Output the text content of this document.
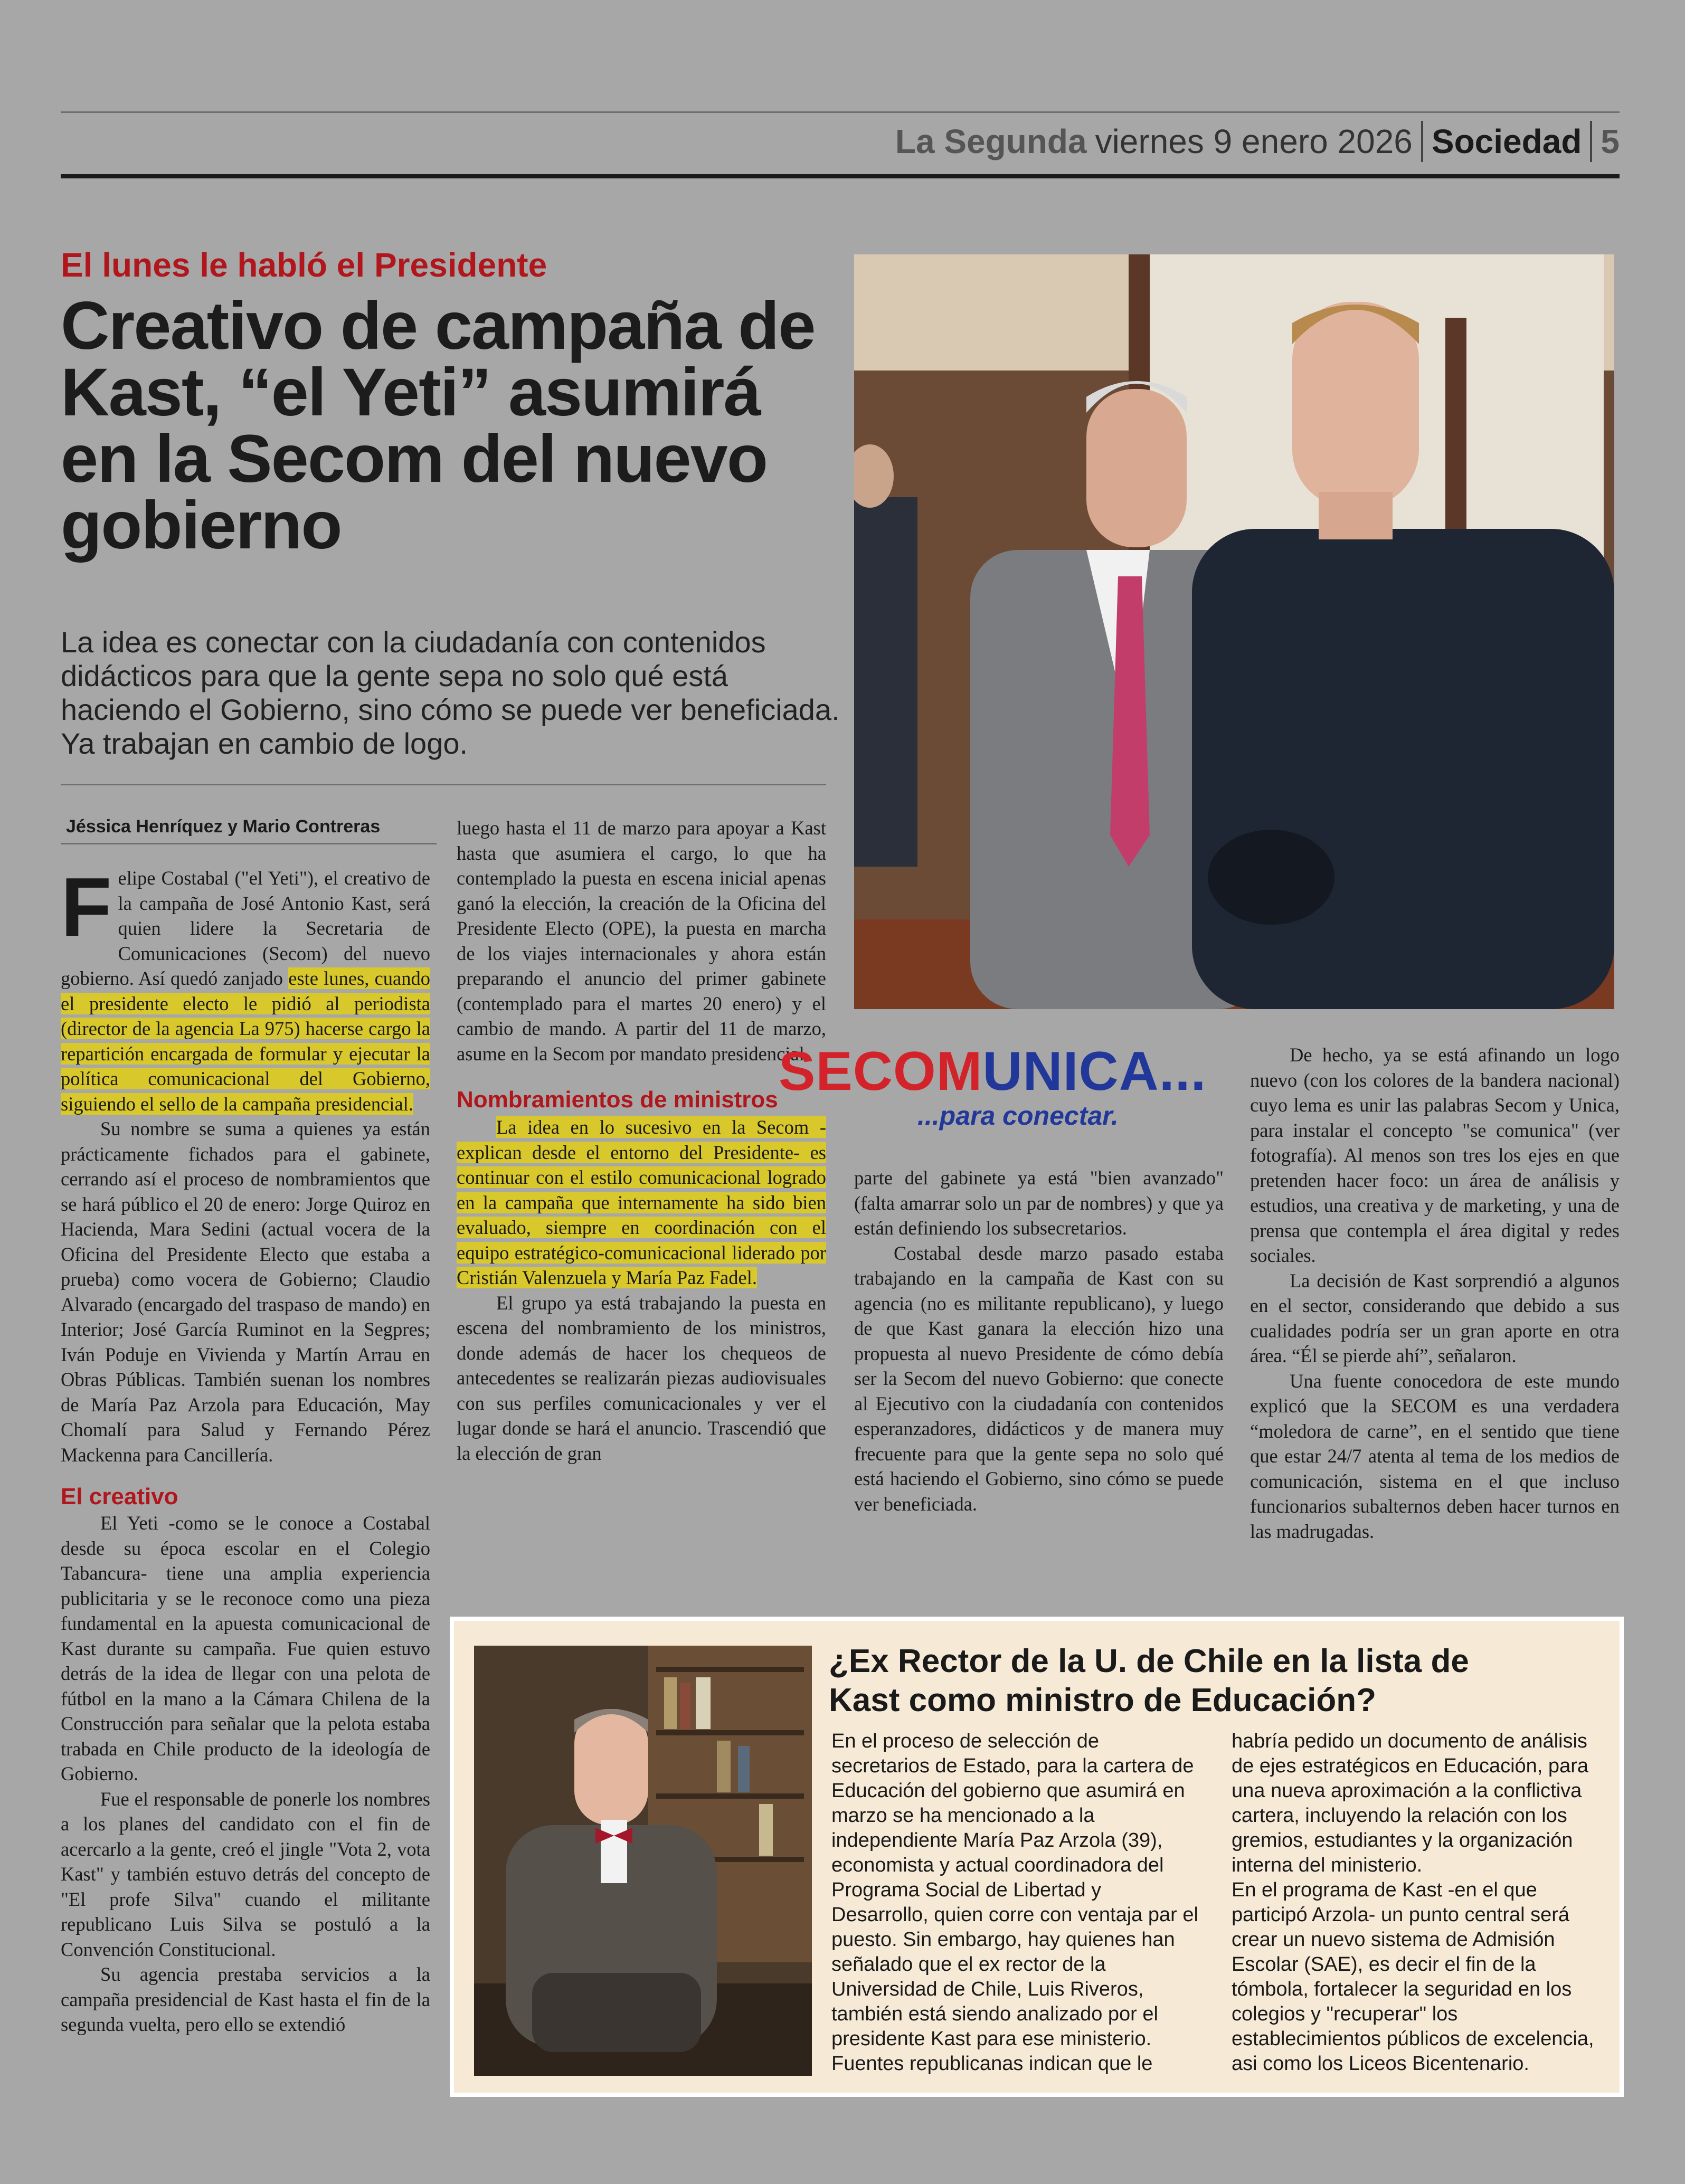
La Segunda viernes 9 enero 2026 Sociedad 5
El lunes le habló el Presidente
Creativo de campaña de Kast, “el Yeti” asumirá en la Secom del nuevo gobierno

La idea es conectar con la ciudadanía con contenidos didácticos para que la gente sepa no solo qué está haciendo el Gobierno, sino cómo se puede ver beneficiada. Ya trabajan en cambio de logo.

Jéssica Henríquez y Mario Contreras

Felipe Costabal ("el Yeti"), el creativo de la campaña de José Antonio Kast, será quien lidere la Secretaria de Comunicaciones (Secom) del nuevo gobierno. Así quedó zanjado este lunes, cuando el presidente electo le pidió al periodista (director de la agencia La 975) hacerse cargo la repartición encargada de formular y ejecutar la política comunicacional del Gobierno, siguiendo el sello de la campaña presidencial.

Su nombre se suma a quienes ya están prácticamente fichados para el gabinete, cerrando así el proceso de nombramientos que se hará público el 20 de enero: Jorge Quiroz en Hacienda, Mara Sedini (actual vocera de la Oficina del Presidente Electo que estaba a prueba) como vocera de Gobierno; Claudio Alvarado (encargado del traspaso de mando) en Interior; José García Ruminot en la Segpres; Iván Poduje en Vivienda y Martín Arrau en Obras Públicas. También suenan los nombres de María Paz Arzola para Educación, May Chomalí para Salud y Fernando Pérez Mackenna para Cancillería.

El creativo

El Yeti -como se le conoce a Costabal desde su época escolar en el Colegio Tabancura- tiene una amplia experiencia publicitaria y se le reconoce como una pieza fundamental en la apuesta comunicacional de Kast durante su campaña. Fue quien estuvo detrás de la idea de llegar con una pelota de fútbol en la mano a la Cámara Chilena de la Construcción para señalar que la pelota estaba trabada en Chile producto de la ideología de Gobierno.

Fue el responsable de ponerle los nombres a los planes del candidato con el fin de acercarlo a la gente, creó el jingle "Vota 2, vota Kast" y también estuvo detrás del concepto de "El profe Silva" cuando el militante republicano Luis Silva se postuló a la Convención Constitucional.

Su agencia prestaba servicios a la campaña presidencial de Kast hasta el fin de la segunda vuelta, pero ello se extendió

luego hasta el 11 de marzo para apoyar a Kast hasta que asumiera el cargo, lo que ha contemplado la puesta en escena inicial apenas ganó la elección, la creación de la Oficina del Presidente Electo (OPE), la puesta en marcha de los viajes internacionales y ahora están preparando el anuncio del primer gabinete (contemplado para el martes 20 enero) y el cambio de mando. A partir del 11 de marzo, asume en la Secom por mandato presidencial.

Nombramientos de ministros

La idea en lo sucesivo en la Secom -explican desde el entorno del Presidente- es continuar con el estilo comunicacional logrado en la campaña que internamente ha sido bien evaluado, siempre en coordinación con el equipo estratégico-comunicacional liderado por Cristián Valenzuela y María Paz Fadel.

El grupo ya está trabajando la puesta en escena del nombramiento de los ministros, donde además de hacer los chequeos de antecedentes se realizarán piezas audiovisuales con sus perfiles comunicacionales y ver el lugar donde se hará el anuncio. Trascendió que la elección de gran

SECOMUNICA...
...para conectar.

parte del gabinete ya está "bien avanzado" (falta amarrar solo un par de nombres) y que ya están definiendo los subsecretarios.

Costabal desde marzo pasado estaba trabajando en la campaña de Kast con su agencia (no es militante republicano), y luego de que Kast ganara la elección hizo una propuesta al nuevo Presidente de cómo debía ser la Secom del nuevo Gobierno: que conecte al Ejecutivo con la ciudadanía con contenidos esperanzadores, didácticos y de manera muy frecuente para que la gente sepa no solo qué está haciendo el Gobierno, sino cómo se puede ver beneficiada.

De hecho, ya se está afinando un logo nuevo (con los colores de la bandera nacional) cuyo lema es unir las palabras Secom y Unica, para instalar el concepto "se comunica" (ver fotografía). Al menos son tres los ejes en que pretenden hacer foco: un área de análisis y estudios, una creativa y de marketing, y una de prensa que contempla el área digital y redes sociales.

La decisión de Kast sorprendió a algunos en el sector, considerando que debido a sus cualidades podría ser un gran aporte en otra área. “Él se pierde ahí”, señalaron.

Una fuente conocedora de este mundo explicó que la SECOM es una verdadera “moledora de carne”, en el sentido que tiene que estar 24/7 atenta al tema de los medios de comunicación, sistema en el que incluso funcionarios subalternos deben hacer turnos en las madrugadas.

¿Ex Rector de la U. de Chile en la lista de Kast como ministro de Educación?
En el proceso de selección de secretarios de Estado, para la cartera de Educación del gobierno que asumirá en marzo se ha mencionado a la independiente María Paz Arzola (39), economista y actual coordinadora del Programa Social de Libertad y Desarrollo, quien corre con ventaja par el puesto. Sin embargo, hay quienes han señalado que el ex rector de la Universidad de Chile, Luis Riveros, también está siendo analizado por el presidente Kast para ese ministerio.
Fuentes republicanas indican que le
habría pedido un documento de análisis de ejes estratégicos en Educación, para una nueva aproximación a la conflictiva cartera, incluyendo la relación con los gremios, estudiantes y la organización interna del ministerio.
En el programa de Kast -en el que participó Arzola- un punto central será crear un nuevo sistema de Admisión Escolar (SAE), es decir el fin de la tómbola, fortalecer la seguridad en los colegios y "recuperar" los establecimientos públicos de excelencia, asi como los Liceos Bicentenario.
